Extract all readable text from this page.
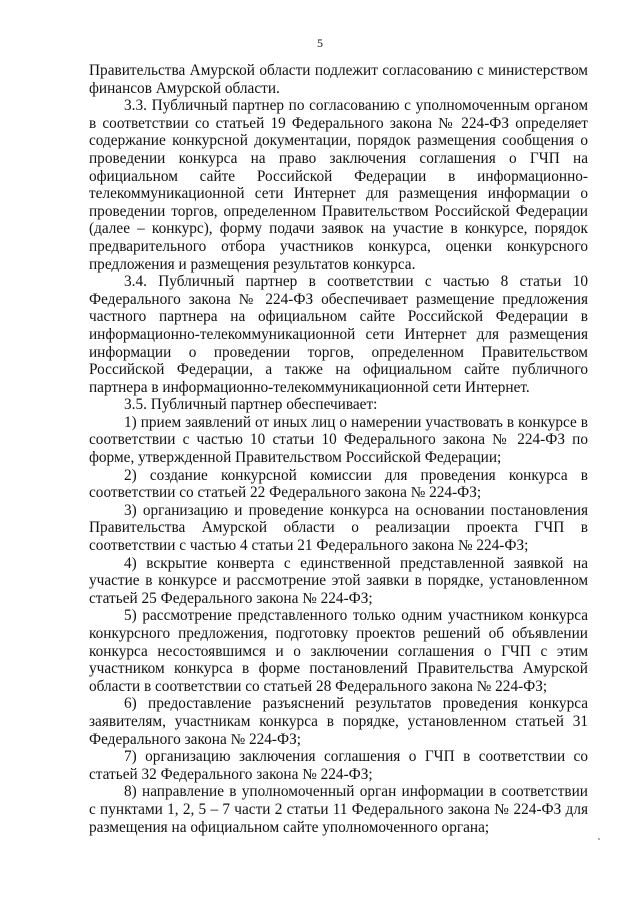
5

Правительства Амурской области подлежит согласованию с министерством финансов Амурской области.

3.3. Публичный партнер по согласованию с уполномоченным органом в соответствии со статьей 19 Федерального закона № 224-ФЗ определяет содержание конкурсной документации, порядок размещения сообщения о проведении конкурса на право заключения соглашения о ГЧП на официальном сайте Российской Федерации в информационно-телекоммуникационной сети Интернет для размещения информации о проведении торгов, определенном Правительством Российской Федерации (далее – конкурс), форму подачи заявок на участие в конкурсе, порядок предварительного отбора участников конкурса, оценки конкурсного предложения и размещения результатов конкурса.

3.4. Публичный партнер в соответствии с частью 8 статьи 10 Федерального закона № 224-ФЗ обеспечивает размещение предложения частного партнера на официальном сайте Российской Федерации в информационно-телекоммуникационной сети Интернет для размещения информации о проведении торгов, определенном Правительством Российской Федерации, а также на официальном сайте публичного партнера в информационно-телекоммуникационной сети Интернет.

3.5. Публичный партнер обеспечивает:

1) прием заявлений от иных лиц о намерении участвовать в конкурсе в соответствии с частью 10 статьи 10 Федерального закона № 224-ФЗ по форме, утвержденной Правительством Российской Федерации;

2) создание конкурсной комиссии для проведения конкурса в соответствии со статьей 22 Федерального закона № 224-ФЗ;

3) организацию и проведение конкурса на основании постановления Правительства Амурской области о реализации проекта ГЧП в соответствии с частью 4 статьи 21 Федерального закона № 224-ФЗ;

4) вскрытие конверта с единственной представленной заявкой на участие в конкурсе и рассмотрение этой заявки в порядке, установленном статьей 25 Федерального закона № 224-ФЗ;

5) рассмотрение представленного только одним участником конкурса конкурсного предложения, подготовку проектов решений об объявлении конкурса несостоявшимся и о заключении соглашения о ГЧП с этим участником конкурса в форме постановлений Правительства Амурской области в соответствии со статьей 28 Федерального закона № 224-ФЗ;

6) предоставление разъяснений результатов проведения конкурса заявителям, участникам конкурса в порядке, установленном статьей 31 Федерального закона № 224-ФЗ;

7) организацию заключения соглашения о ГЧП в соответствии со статьей 32 Федерального закона № 224-ФЗ;

8) направление в уполномоченный орган информации в соответствии с пунктами 1, 2, 5 – 7 части 2 статьи 11 Федерального закона № 224-ФЗ для размещения на официальном сайте уполномоченного органа;
